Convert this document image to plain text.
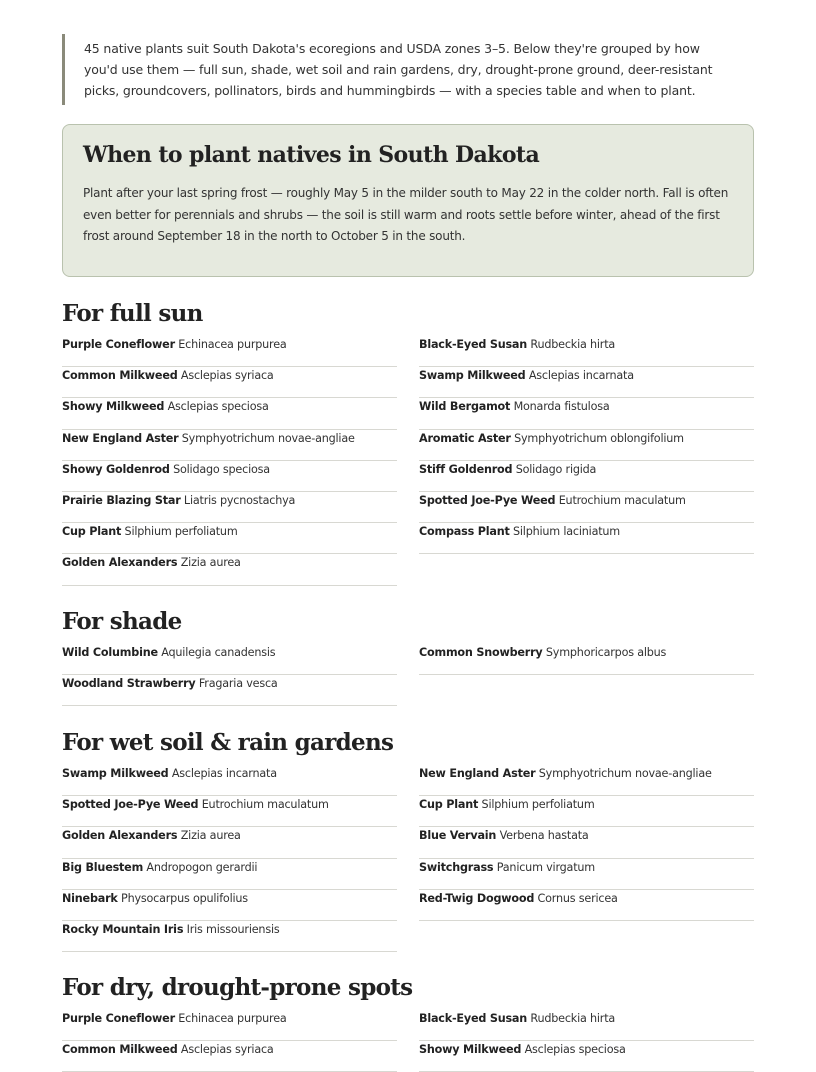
45 native plants suit South Dakota's ecoregions and USDA zones 3–5. Below they're grouped by how you'd use them — full sun, shade, wet soil and rain gardens, dry, drought-prone ground, deer-resistant picks, groundcovers, pollinators, birds and hummingbirds — with a species table and when to plant.
When to plant natives in South Dakota

Plant after your last spring frost — roughly May 5 in the milder south to May 22 in the colder north. Fall is often even better for perennials and shrubs — the soil is still warm and roots settle before winter, ahead of the first frost around September 18 in the north to October 5 in the south.

For full sun
Purple Coneflower Echinacea purpurea	Black-Eyed Susan Rudbeckia hirta
Common Milkweed Asclepias syriaca	Swamp Milkweed Asclepias incarnata
Showy Milkweed Asclepias speciosa	Wild Bergamot Monarda fistulosa
New England Aster Symphyotrichum novae-angliae	Aromatic Aster Symphyotrichum oblongifolium
Showy Goldenrod Solidago speciosa	Stiff Goldenrod Solidago rigida
Prairie Blazing Star Liatris pycnostachya	Spotted Joe-Pye Weed Eutrochium maculatum
Cup Plant Silphium perfoliatum	Compass Plant Silphium laciniatum
Golden Alexanders Zizia aurea
For shade
Wild Columbine Aquilegia canadensis	Common Snowberry Symphoricarpos albus
Woodland Strawberry Fragaria vesca
For wet soil & rain gardens
Swamp Milkweed Asclepias incarnata	New England Aster Symphyotrichum novae-angliae
Spotted Joe-Pye Weed Eutrochium maculatum	Cup Plant Silphium perfoliatum
Golden Alexanders Zizia aurea	Blue Vervain Verbena hastata
Big Bluestem Andropogon gerardii	Switchgrass Panicum virgatum
Ninebark Physocarpus opulifolius	Red-Twig Dogwood Cornus sericea
Rocky Mountain Iris Iris missouriensis
For dry, drought-prone spots
Purple Coneflower Echinacea purpurea	Black-Eyed Susan Rudbeckia hirta
Common Milkweed Asclepias syriaca	Showy Milkweed Asclepias speciosa
